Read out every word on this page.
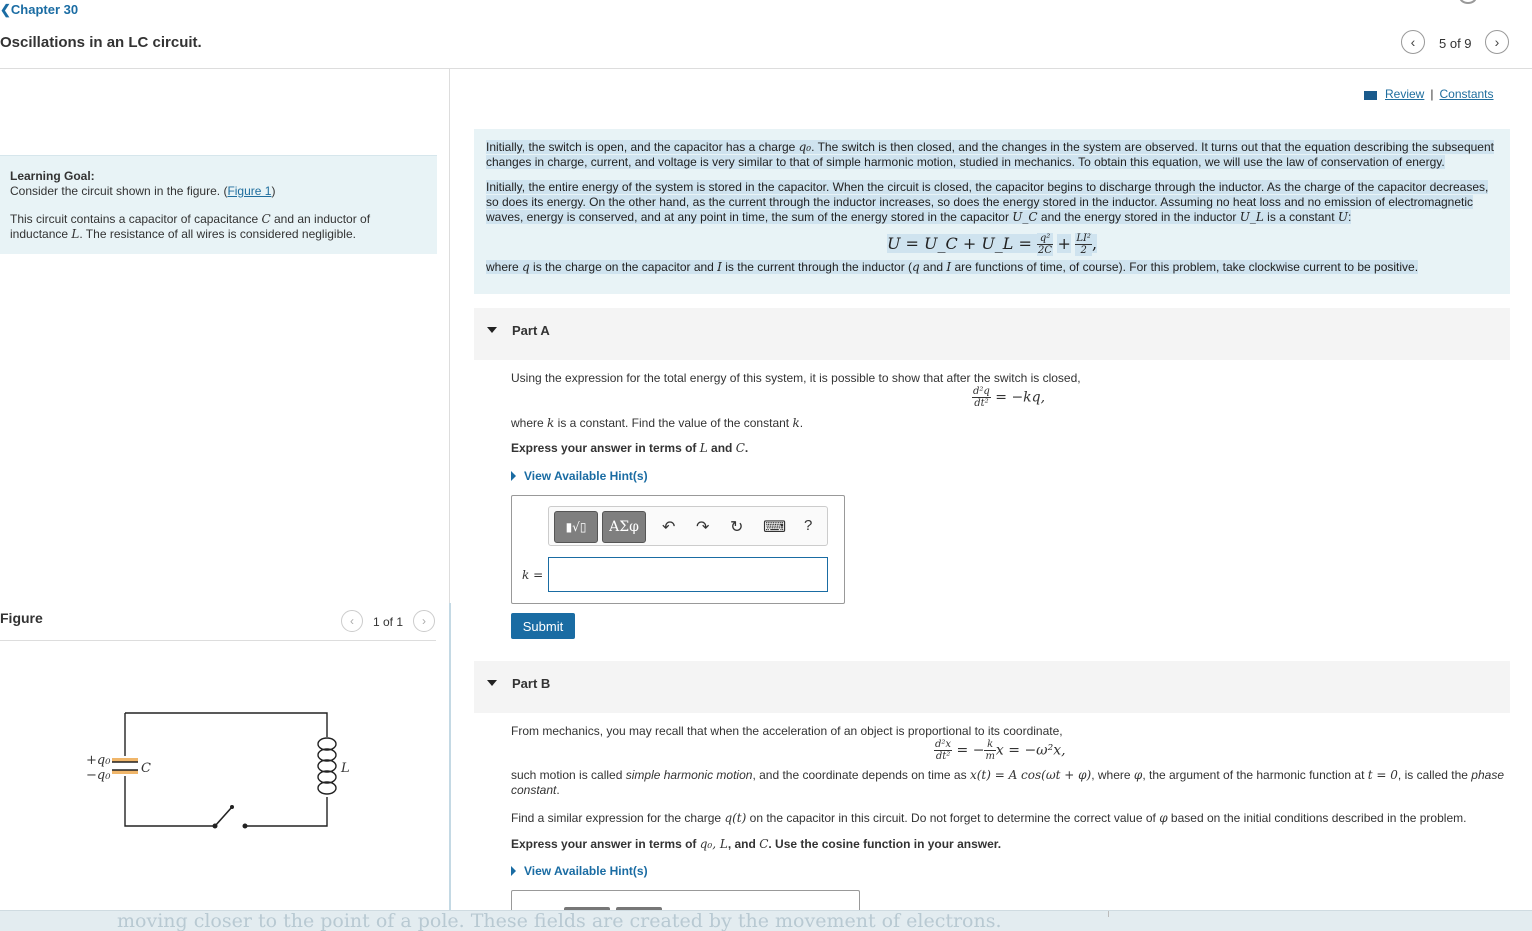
❮Chapter 30
Oscillations in an LC circuit.	‹ 5 of 9 ›

Learning Goal:

Consider the circuit shown in the figure. (Figure 1)

This circuit contains a capacitor of capacitance C and an inductor of inductance L. The resistance of all wires is considered negligible.

Figure	‹ 1 of 1 ›
+q₀
−q₀ C	L
Review | Constants

Initially, the switch is open, and the capacitor has a charge q₀. The switch is then closed, and the changes in the system are observed. It turns out that the equation describing the subsequent changes in charge, current, and voltage is very similar to that of simple harmonic motion, studied in mechanics. To obtain this equation, we will use the law of conservation of energy.

Initially, the entire energy of the system is stored in the capacitor. When the circuit is closed, the capacitor begins to discharge through the inductor. As the charge of the capacitor decreases, so does its energy. On the other hand, as the current through the inductor increases, so does the energy stored in the inductor. Assuming no heat loss and no emission of electromagnetic waves, energy is conserved, and at any point in time, the sum of the energy stored in the capacitor U_C and the energy stored in the inductor U_L is a constant U:

U = U_C + U_L = $\frac{\text{q²}}{2C} + \frac{\text{LI²}}{2}$ ,

where q is the charge on the capacitor and I is the current through the inductor (q and I are functions of time, of course). For this problem, take clockwise current to be positive.

Part A
Using the expression for the total energy of this system, it is possible to show that after the switch is closed,
$\frac{\text{d²q}}{\text{dt²}} = -kq$,
where k is a constant. Find the value of the constant k.
Express your answer in terms of L and C.
View Available Hint(s)
▮√▯	ΑΣφ	↶ ↷ ↻ ⌨ ?
k =
Submit
Part B
From mechanics, you may recall that when the acceleration of an object is proportional to its coordinate,
$\frac{\text{d²x}}{\text{dt²}}$ = − $\frac{k}{m}$ x = −ω²x,
such motion is called simple harmonic motion, and the coordinate depends on time as x(t) = A cos(ωt + φ), where φ, the argument of the harmonic function at t = 0, is called the phase constant.
Find a similar expression for the charge q(t) on the capacitor in this circuit. Do not forget to determine the correct value of φ based on the initial conditions described in the problem.
Express your answer in terms of q₀, L, and C. Use the cosine function in your answer.
View Available Hint(s)
moving closer to the point of a pole. These fields are created by the movement of electrons.
